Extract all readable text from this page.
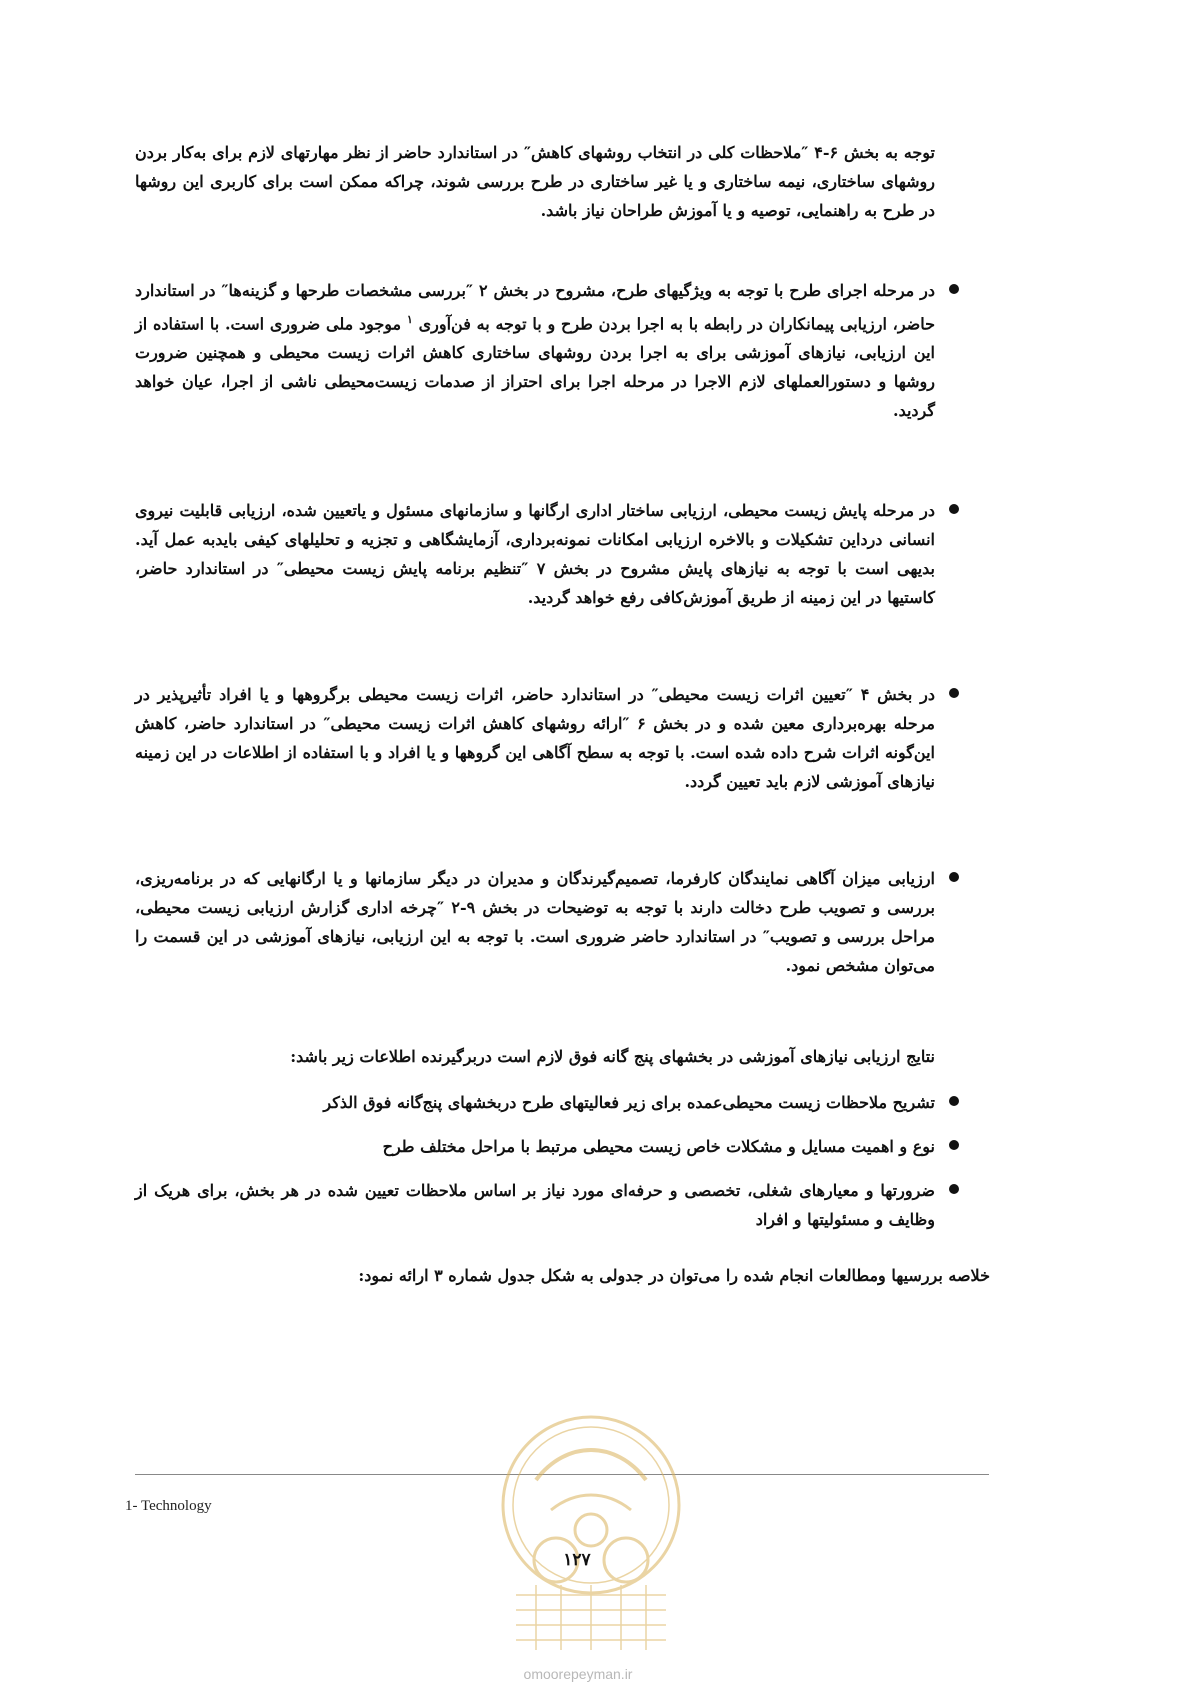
توجه به بخش ۶-۴ ″ملاحظات کلی در انتخاب روشهای کاهش″ در استاندارد حاضر از نظر مهارتهای لازم برای به‌کار بردن روشهای ساختاری، نیمه ساختاری و یا غیر ساختاری در طرح بررسی شوند، چراکه ممکن است برای کاربری این روشها در طرح به راهنمایی، توصیه و یا آموزش طراحان نیاز باشد.
در مرحله اجرای طرح با توجه به ویژگیهای طرح، مشروح در بخش ۲ ″بررسی مشخصات طرحها و گزینه‌ها″ در استاندارد حاضر، ارزیابی پیمانکاران در رابطه با به اجرا بردن طرح و با توجه به فن‌آوری $^۱$ موجود ملی ضروری است. با استفاده از این ارزیابی، نیازهای آموزشی برای به اجرا بردن روشهای ساختاری کاهش اثرات زیست محیطی و همچنین ضرورت روشها و دستورالعملهای لازم الاجرا در مرحله اجرا برای احتراز از صدمات زیست‌محیطی ناشی از اجرا، عیان خواهد گردید.
در مرحله پایش زیست محیطی، ارزیابی ساختار اداری ارگانها و سازمانهای مسئول و یاتعیین شده، ارزیابی قابلیت نیروی انسانی درداین تشکیلات و بالاخره ارزیابی امکانات نمونه‌برداری، آزمایشگاهی و تجزیه و تحلیلهای کیفی بایدبه عمل آید. بدیهی است با توجه به نیازهای پایش مشروح در بخش ۷ ″تنظیم برنامه پایش زیست محیطی″ در استاندارد حاضر، کاستیها در این زمینه از طریق آموزش‌کافی رفع خواهد گردید.
در بخش ۴ ″تعیین اثرات زیست محیطی″ در استاندارد حاضر، اثرات زیست محیطی برگروهها و یا افراد تأثیرپذیر در مرحله بهره‌برداری معین شده و در بخش ۶ ″ارائه روشهای کاهش اثرات زیست محیطی″ در استاندارد حاضر، کاهش این‌گونه اثرات شرح داده شده است. با توجه به سطح آگاهی این گروهها و یا افراد و با استفاده از اطلاعات در این زمینه نیازهای آموزشی لازم باید تعیین گردد.
ارزیابی میزان آگاهی نمایندگان کارفرما، تصمیم‌گیرندگان و مدیران در دیگر سازمانها و یا ارگانهایی که در برنامه‌ریزی، بررسی و تصویب طرح دخالت دارند با توجه به توضیحات در بخش ۹-۲ ″چرخه اداری گزارش ارزیابی زیست محیطی، مراحل بررسی و تصویب″ در استاندارد حاضر ضروری است. با توجه به این ارزیابی، نیازهای آموزشی در این قسمت را می‌توان مشخص نمود.
نتایج ارزیابی نیازهای آموزشی در بخشهای پنج گانه فوق لازم است دربرگیرنده اطلاعات زیر باشد:
تشریح ملاحظات زیست محیطی‌عمده برای زیر فعالیتهای طرح دربخشهای پنج‌گانه فوق الذکر
نوع و اهمیت مسایل و مشکلات خاص زیست محیطی مرتبط با مراحل مختلف طرح
ضرورتها و معیارهای شغلی، تخصصی و حرفه‌ای مورد نیاز بر اساس ملاحظات تعیین شده در هر بخش، برای هریک از وظایف و مسئولیتها و افراد
خلاصه بررسیها ومطالعات انجام شده را می‌توان در جدولی به شکل جدول شماره ۳ ارائه نمود:
1- Technology
۱۲۷
omoorepeyman.ir
